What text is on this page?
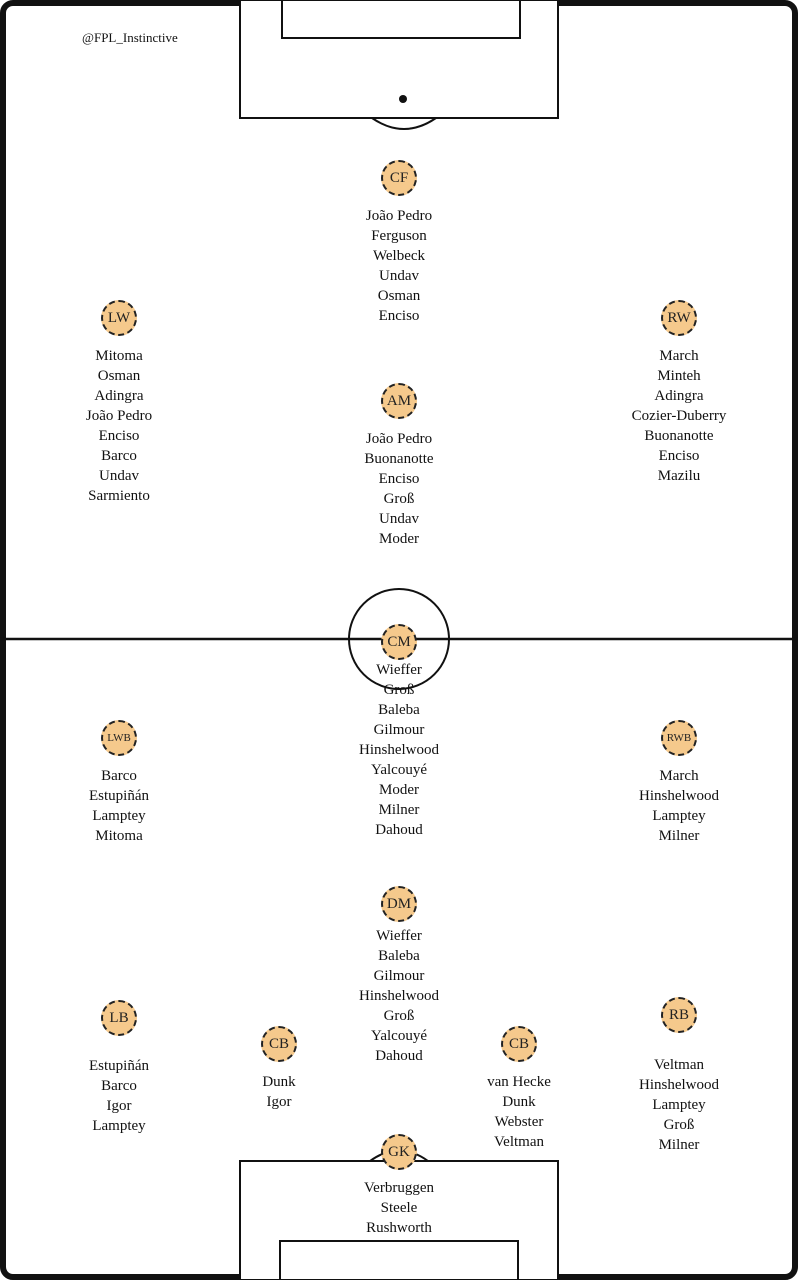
@FPL_Instinctive
CF
João Pedro
Ferguson
Welbeck
Undav
Osman
Enciso
LW
Mitoma
Osman
Adingra
João Pedro
Enciso
Barco
Undav
Sarmiento
RW
March
Minteh
Adingra
Cozier-Duberry
Buonanotte
Enciso
Mazilu
AM
João Pedro
Buonanotte
Enciso
Groß
Undav
Moder
CM
Wieffer
Groß
Baleba
Gilmour
Hinshelwood
Yalcouyé
Moder
Milner
Dahoud
LWB
Barco
Estupiñán
Lamptey
Mitoma
RWB
March
Hinshelwood
Lamptey
Milner
DM
Wieffer
Baleba
Gilmour
Hinshelwood
Groß
Yalcouyé
Dahoud
LB
Estupiñán
Barco
Igor
Lamptey
RB
Veltman
Hinshelwood
Lamptey
Groß
Milner
CB
Dunk
Igor
CB
van Hecke
Dunk
Webster
Veltman
GK
Verbruggen
Steele
Rushworth
